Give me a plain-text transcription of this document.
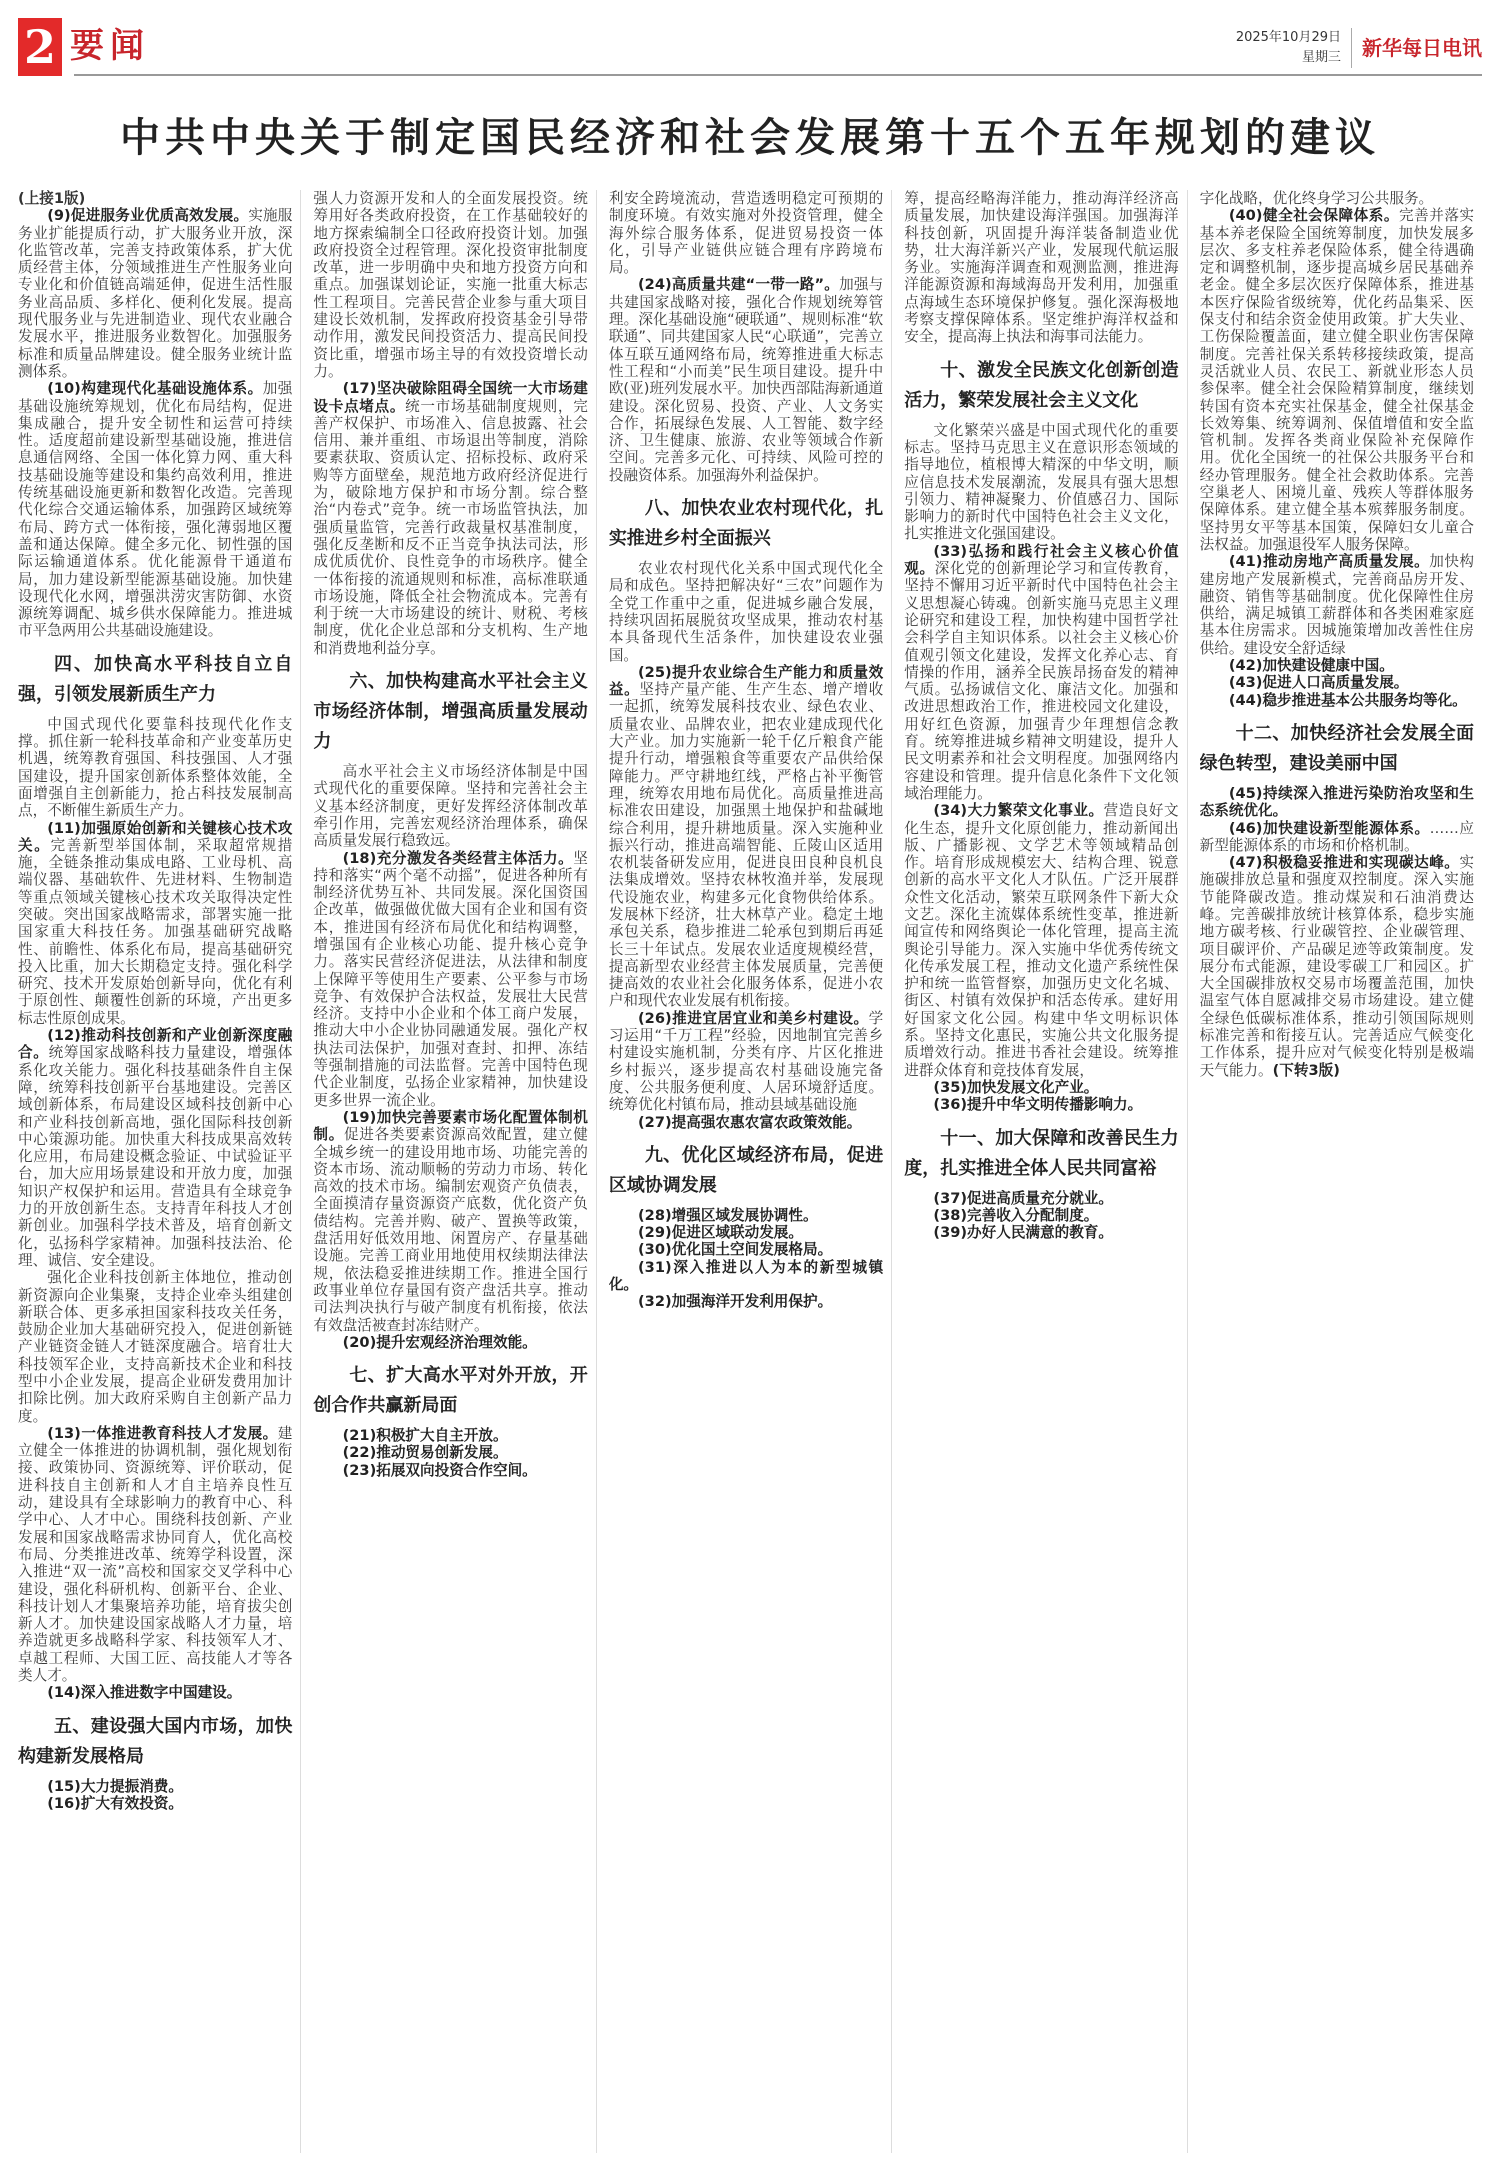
2 要闻	2025年10月29日
星期三 新华每日电讯
中共中央关于制定国民经济和社会发展第十五个五年规划的建议

(上接1版)

(9)促进服务业优质高效发展。实施服务业扩能提质行动，扩大服务业开放，深化监管改革，完善支持政策体系，扩大优质经营主体，分领域推进生产性服务业向专业化和价值链高端延伸，促进生活性服务业高品质、多样化、便利化发展。提高现代服务业与先进制造业、现代农业融合发展水平，推进服务业数智化。加强服务标准和质量品牌建设。健全服务业统计监测体系。

(10)构建现代化基础设施体系。加强基础设施统筹规划，优化布局结构，促进集成融合，提升安全韧性和运营可持续性。适度超前建设新型基础设施，推进信息通信网络、全国一体化算力网、重大科技基础设施等建设和集约高效利用，推进传统基础设施更新和数智化改造。完善现代化综合交通运输体系，加强跨区域统筹布局、跨方式一体衔接，强化薄弱地区覆盖和通达保障。健全多元化、韧性强的国际运输通道体系。优化能源骨干通道布局，加力建设新型能源基础设施。加快建设现代化水网，增强洪涝灾害防御、水资源统筹调配、城乡供水保障能力。推进城市平急两用公共基础设施建设。

四、加快高水平科技自立自强，引领发展新质生产力

中国式现代化要靠科技现代化作支撑。抓住新一轮科技革命和产业变革历史机遇，统筹教育强国、科技强国、人才强国建设，提升国家创新体系整体效能，全面增强自主创新能力，抢占科技发展制高点，不断催生新质生产力。

(11)加强原始创新和关键核心技术攻关。完善新型举国体制，采取超常规措施，全链条推动集成电路、工业母机、高端仪器、基础软件、先进材料、生物制造等重点领域关键核心技术攻关取得决定性突破。突出国家战略需求，部署实施一批国家重大科技任务。加强基础研究战略性、前瞻性、体系化布局，提高基础研究投入比重，加大长期稳定支持。强化科学研究、技术开发原始创新导向，优化有利于原创性、颠覆性创新的环境，产出更多标志性原创成果。

(12)推动科技创新和产业创新深度融合。统筹国家战略科技力量建设，增强体系化攻关能力。强化科技基础条件自主保障，统筹科技创新平台基地建设。完善区域创新体系，布局建设区域科技创新中心和产业科技创新高地，强化国际科技创新中心策源功能。加快重大科技成果高效转化应用，布局建设概念验证、中试验证平台，加大应用场景建设和开放力度，加强知识产权保护和运用。营造具有全球竞争力的开放创新生态。支持青年科技人才创新创业。加强科学技术普及，培育创新文化，弘扬科学家精神。加强科技法治、伦理、诚信、安全建设。

强化企业科技创新主体地位，推动创新资源向企业集聚，支持企业牵头组建创新联合体、更多承担国家科技攻关任务，鼓励企业加大基础研究投入，促进创新链产业链资金链人才链深度融合。培育壮大科技领军企业，支持高新技术企业和科技型中小企业发展，提高企业研发费用加计扣除比例。加大政府采购自主创新产品力度。

(13)一体推进教育科技人才发展。建立健全一体推进的协调机制，强化规划衔接、政策协同、资源统筹、评价联动，促进科技自主创新和人才自主培养良性互动，建设具有全球影响力的教育中心、科学中心、人才中心。围绕科技创新、产业发展和国家战略需求协同育人，优化高校布局、分类推进改革、统筹学科设置，深入推进“双一流”高校和国家交叉学科中心建设，强化科研机构、创新平台、企业、科技计划人才集聚培养功能，培育拔尖创新人才。加快建设国家战略人才力量，培养造就更多战略科学家、科技领军人才、卓越工程师、大国工匠、高技能人才等各类人才。

(14)深入推进数字中国建设。

五、建设强大国内市场，加快构建新发展格局

(15)大力提振消费。

(16)扩大有效投资。

强人力资源开发和人的全面发展投资。统筹用好各类政府投资，在工作基础较好的地方探索编制全口径政府投资计划。加强政府投资全过程管理。深化投资审批制度改革，进一步明确中央和地方投资方向和重点。加强谋划论证，实施一批重大标志性工程项目。完善民营企业参与重大项目建设长效机制，发挥政府投资基金引导带动作用，激发民间投资活力、提高民间投资比重，增强市场主导的有效投资增长动力。

(17)坚决破除阻碍全国统一大市场建设卡点堵点。统一市场基础制度规则，完善产权保护、市场准入、信息披露、社会信用、兼并重组、市场退出等制度，消除要素获取、资质认定、招标投标、政府采购等方面壁垒，规范地方政府经济促进行为，破除地方保护和市场分割。综合整治“内卷式”竞争。统一市场监管执法，加强质量监管，完善行政裁量权基准制度，强化反垄断和反不正当竞争执法司法，形成优质优价、良性竞争的市场秩序。健全一体衔接的流通规则和标准，高标准联通市场设施，降低全社会物流成本。完善有利于统一大市场建设的统计、财税、考核制度，优化企业总部和分支机构、生产地和消费地利益分享。

六、加快构建高水平社会主义市场经济体制，增强高质量发展动力

高水平社会主义市场经济体制是中国式现代化的重要保障。坚持和完善社会主义基本经济制度，更好发挥经济体制改革牵引作用，完善宏观经济治理体系，确保高质量发展行稳致远。

(18)充分激发各类经营主体活力。坚持和落实“两个毫不动摇”，促进各种所有制经济优势互补、共同发展。深化国资国企改革，做强做优做大国有企业和国有资本，推进国有经济布局优化和结构调整，增强国有企业核心功能、提升核心竞争力。落实民营经济促进法，从法律和制度上保障平等使用生产要素、公平参与市场竞争、有效保护合法权益，发展壮大民营经济。支持中小企业和个体工商户发展，推动大中小企业协同融通发展。强化产权执法司法保护，加强对查封、扣押、冻结等强制措施的司法监督。完善中国特色现代企业制度，弘扬企业家精神，加快建设更多世界一流企业。

(19)加快完善要素市场化配置体制机制。促进各类要素资源高效配置，建立健全城乡统一的建设用地市场、功能完善的资本市场、流动顺畅的劳动力市场、转化高效的技术市场。编制宏观资产负债表，全面摸清存量资源资产底数，优化资产负债结构。完善并购、破产、置换等政策，盘活用好低效用地、闲置房产、存量基础设施。完善工商业用地使用权续期法律法规，依法稳妥推进续期工作。推进全国行政事业单位存量国有资产盘活共享。推动司法判决执行与破产制度有机衔接，依法有效盘活被查封冻结财产。

(20)提升宏观经济治理效能。

七、扩大高水平对外开放，开创合作共赢新局面

(21)积极扩大自主开放。

(22)推动贸易创新发展。

(23)拓展双向投资合作空间。

利安全跨境流动，营造透明稳定可预期的制度环境。有效实施对外投资管理，健全海外综合服务体系，促进贸易投资一体化，引导产业链供应链合理有序跨境布局。

(24)高质量共建“一带一路”。加强与共建国家战略对接，强化合作规划统筹管理。深化基础设施“硬联通”、规则标准“软联通”、同共建国家人民“心联通”，完善立体互联互通网络布局，统筹推进重大标志性工程和“小而美”民生项目建设。提升中欧(亚)班列发展水平。加快西部陆海新通道建设。深化贸易、投资、产业、人文务实合作，拓展绿色发展、人工智能、数字经济、卫生健康、旅游、农业等领域合作新空间。完善多元化、可持续、风险可控的投融资体系。加强海外利益保护。

八、加快农业农村现代化，扎实推进乡村全面振兴

农业农村现代化关系中国式现代化全局和成色。坚持把解决好“三农”问题作为全党工作重中之重，促进城乡融合发展，持续巩固拓展脱贫攻坚成果，推动农村基本具备现代生活条件，加快建设农业强国。

(25)提升农业综合生产能力和质量效益。坚持产量产能、生产生态、增产增收一起抓，统筹发展科技农业、绿色农业、质量农业、品牌农业，把农业建成现代化大产业。加力实施新一轮千亿斤粮食产能提升行动，增强粮食等重要农产品供给保障能力。严守耕地红线，严格占补平衡管理，统筹农用地布局优化。高质量推进高标准农田建设，加强黑土地保护和盐碱地综合利用，提升耕地质量。深入实施种业振兴行动，推进高端智能、丘陵山区适用农机装备研发应用，促进良田良种良机良法集成增效。坚持农林牧渔并举，发展现代设施农业，构建多元化食物供给体系。发展林下经济，壮大林草产业。稳定土地承包关系，稳步推进二轮承包到期后再延长三十年试点。发展农业适度规模经营，提高新型农业经营主体发展质量，完善便捷高效的农业社会化服务体系，促进小农户和现代农业发展有机衔接。

(26)推进宜居宜业和美乡村建设。学习运用“千万工程”经验，因地制宜完善乡村建设实施机制，分类有序、片区化推进乡村振兴，逐步提高农村基础设施完备度、公共服务便利度、人居环境舒适度。统筹优化村镇布局，推动县域基础设施

(27)提高强农惠农富农政策效能。

九、优化区域经济布局，促进区域协调发展

(28)增强区域发展协调性。

(29)促进区域联动发展。

(30)优化国土空间发展格局。

(31)深入推进以人为本的新型城镇化。

(32)加强海洋开发利用保护。

筹，提高经略海洋能力，推动海洋经济高质量发展，加快建设海洋强国。加强海洋科技创新，巩固提升海洋装备制造业优势，壮大海洋新兴产业，发展现代航运服务业。实施海洋调查和观测监测，推进海洋能源资源和海域海岛开发利用，加强重点海域生态环境保护修复。强化深海极地考察支撑保障体系。坚定维护海洋权益和安全，提高海上执法和海事司法能力。

十、激发全民族文化创新创造活力，繁荣发展社会主义文化

文化繁荣兴盛是中国式现代化的重要标志。坚持马克思主义在意识形态领域的指导地位，植根博大精深的中华文明，顺应信息技术发展潮流，发展具有强大思想引领力、精神凝聚力、价值感召力、国际影响力的新时代中国特色社会主义文化，扎实推进文化强国建设。

(33)弘扬和践行社会主义核心价值观。深化党的创新理论学习和宣传教育，坚持不懈用习近平新时代中国特色社会主义思想凝心铸魂。创新实施马克思主义理论研究和建设工程，加快构建中国哲学社会科学自主知识体系。以社会主义核心价值观引领文化建设，发挥文化养心志、育情操的作用，涵养全民族昂扬奋发的精神气质。弘扬诚信文化、廉洁文化。加强和改进思想政治工作，推进校园文化建设，用好红色资源，加强青少年理想信念教育。统筹推进城乡精神文明建设，提升人民文明素养和社会文明程度。加强网络内容建设和管理。提升信息化条件下文化领域治理能力。

(34)大力繁荣文化事业。营造良好文化生态，提升文化原创能力，推动新闻出版、广播影视、文学艺术等领域精品创作。培育形成规模宏大、结构合理、锐意创新的高水平文化人才队伍。广泛开展群众性文化活动，繁荣互联网条件下新大众文艺。深化主流媒体系统性变革，推进新闻宣传和网络舆论一体化管理，提高主流舆论引导能力。深入实施中华优秀传统文化传承发展工程，推动文化遗产系统性保护和统一监管督察，加强历史文化名城、街区、村镇有效保护和活态传承。建好用好国家文化公园。构建中华文明标识体系。坚持文化惠民，实施公共文化服务提质增效行动。推进书香社会建设。统筹推进群众体育和竞技体育发展，

(35)加快发展文化产业。

(36)提升中华文明传播影响力。

十一、加大保障和改善民生力度，扎实推进全体人民共同富裕

(37)促进高质量充分就业。

(38)完善收入分配制度。

(39)办好人民满意的教育。

字化战略，优化终身学习公共服务。

(40)健全社会保障体系。完善并落实基本养老保险全国统筹制度，加快发展多层次、多支柱养老保险体系，健全待遇确定和调整机制，逐步提高城乡居民基础养老金。健全多层次医疗保障体系，推进基本医疗保险省级统筹，优化药品集采、医保支付和结余资金使用政策。扩大失业、工伤保险覆盖面，建立健全职业伤害保障制度。完善社保关系转移接续政策，提高灵活就业人员、农民工、新就业形态人员参保率。健全社会保险精算制度，继续划转国有资本充实社保基金，健全社保基金长效筹集、统筹调剂、保值增值和安全监管机制。发挥各类商业保险补充保障作用。优化全国统一的社保公共服务平台和经办管理服务。健全社会救助体系。完善空巢老人、困境儿童、残疾人等群体服务保障体系。建立健全基本殡葬服务制度。坚持男女平等基本国策，保障妇女儿童合法权益。加强退役军人服务保障。

(41)推动房地产高质量发展。加快构建房地产发展新模式，完善商品房开发、融资、销售等基础制度。优化保障性住房供给，满足城镇工薪群体和各类困难家庭基本住房需求。因城施策增加改善性住房供给。建设安全舒适绿

(42)加快建设健康中国。

(43)促进人口高质量发展。

(44)稳步推进基本公共服务均等化。

十二、加快经济社会发展全面绿色转型，建设美丽中国

(45)持续深入推进污染防治攻坚和生态系统优化。

(46)加快建设新型能源体系。……应新型能源体系的市场和价格机制。

(47)积极稳妥推进和实现碳达峰。实施碳排放总量和强度双控制度。深入实施节能降碳改造。推动煤炭和石油消费达峰。完善碳排放统计核算体系，稳步实施地方碳考核、行业碳管控、企业碳管理、项目碳评价、产品碳足迹等政策制度。发展分布式能源，建设零碳工厂和园区。扩大全国碳排放权交易市场覆盖范围，加快温室气体自愿减排交易市场建设。建立健全绿色低碳标准体系，推动引领国际规则标准完善和衔接互认。完善适应气候变化工作体系，提升应对气候变化特别是极端天气能力。(下转3版)
